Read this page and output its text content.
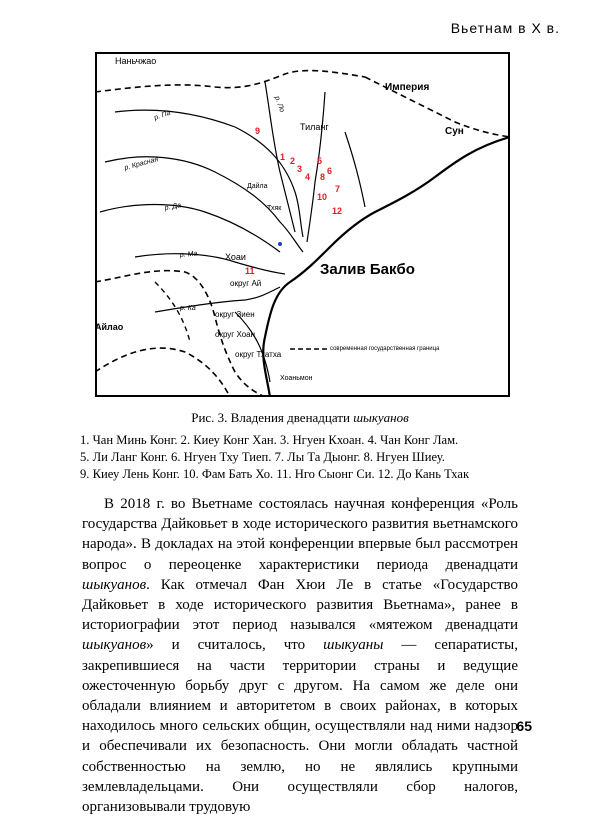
Вьетнам в X в.
Наньчжао
Империя
Сун
Тиланг
Залив Бакбо
Хоаи
Айлао
Дайла
Тхяк
округ Ай
округ Зиен
округ Хоан
округ Тхатха
Хоаньмон
современная государственная граница
р. Па
р. Красная
р. Да
р. Ма
р. Ка
р. Ло
1 2
3
4
5
6
7
8
9
10
11
12
Рис. 3. Владения двенадцати шыкуанов
1. Чан Минь Конг. 2. Киеу Конг Хан. 3. Нгуен Кхоан. 4. Чан Конг Лам.
5. Ли Ланг Конг. 6. Нгуен Тху Тиеп. 7. Лы Та Дыонг. 8. Нгуен Шиеу.
9. Киеу Лень Конг. 10. Фам Бать Хо. 11. Нго Сыонг Си. 12. До Кань Тхак

В 2018 г. во Вьетнаме состоялась научная конференция «Роль государства Дайковьет в ходе исторического развития вьетнамского народа». В докладах на этой конференции впервые был рассмотрен вопрос о переоценке характеристики периода двенадцати шыкуанов. Как отмечал Фан Хюи Ле в статье «Государство Дайковьет в ходе исторического развития Вьетнама», ранее в историографии этот период назывался «мятежом двенадцати шыкуанов» и считалось, что шыкуаны — сепаратисты, закрепившиеся на части территории страны и ведущие ожесточенную борьбу друг с другом. На самом же деле они обладали влиянием и авторитетом в своих районах, в которых находилось много сельских общин, осуществляли над ними надзор и обеспечивали их безопасность. Они могли обладать частной собственностью на землю, но не являлись крупными землевладельцами. Они осуществляли сбор налогов, организовывали трудовую

65
